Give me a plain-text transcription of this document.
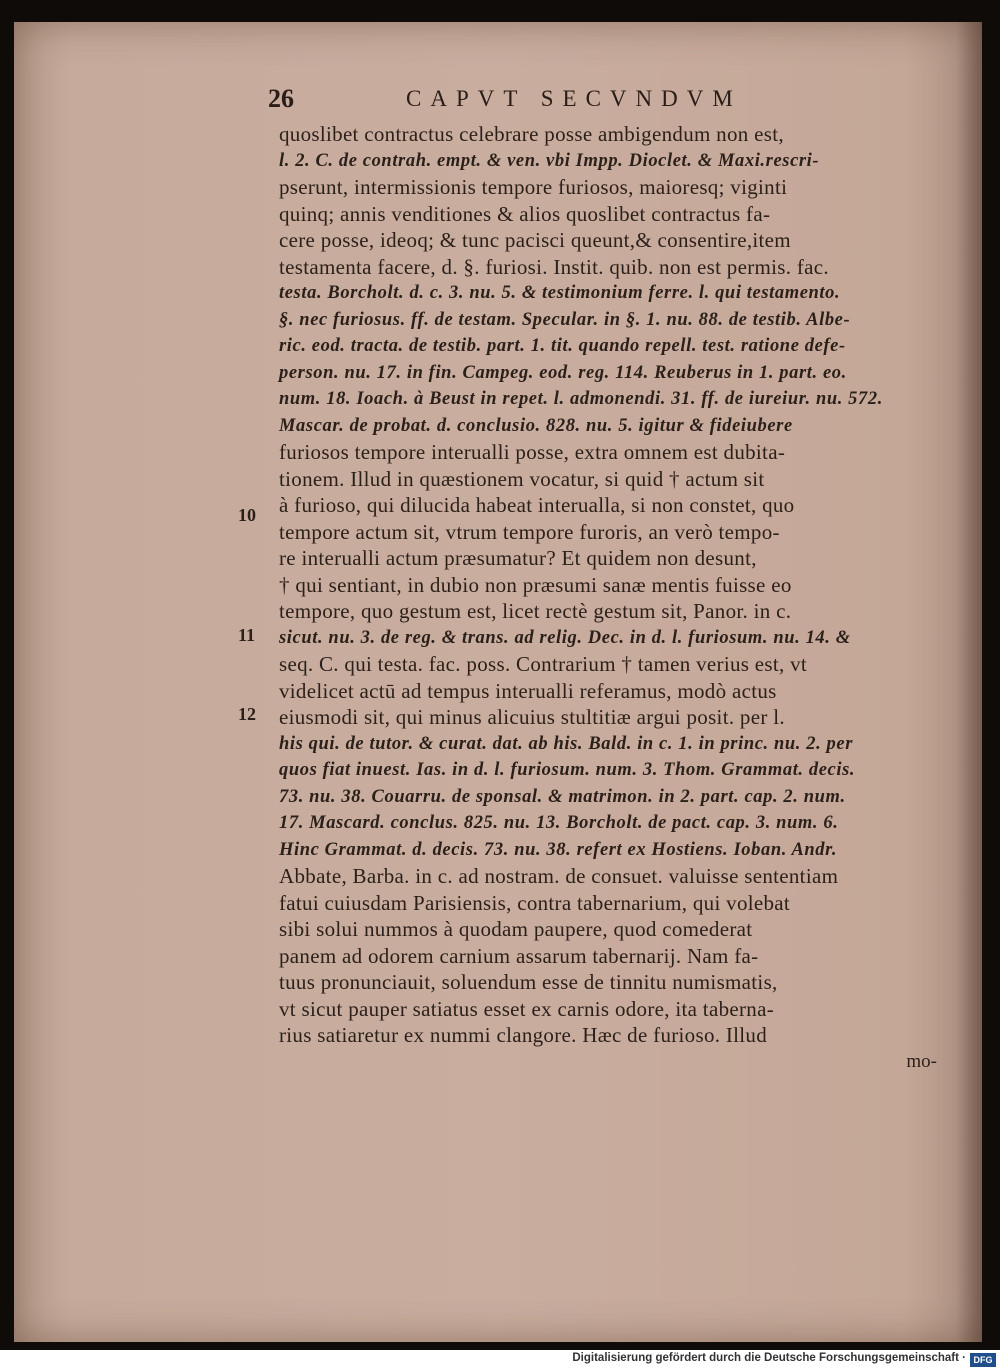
26	CAPVT SECVNDVM
10
11
12
quoslibet contractus celebrare posse ambigendum non est,
l. 2. C. de contrah. empt. & ven. vbi Impp. Dioclet. & Maxi.rescri-
pserunt, intermissionis tempore furiosos, maioresq; viginti
quinq; annis venditiones & alios quoslibet contractus fa-
cere posse, ideoq; & tunc pacisci queunt,& consentire,item
testamenta facere, d. §. furiosi. Instit. quib. non est permis. fac.
testa. Borcholt. d. c. 3. nu. 5. & testimonium ferre. l. qui testamento.
§. nec furiosus. ff. de testam. Specular. in §. 1. nu. 88. de testib. Albe-
ric. eod. tracta. de testib. part. 1. tit. quando repell. test. ratione defe-
person. nu. 17. in fin. Campeg. eod. reg. 114. Reuberus in 1. part. eo.
num. 18. Ioach. à Beust in repet. l. admonendi. 31. ff. de iureiur. nu. 572.
Mascar. de probat. d. conclusio. 828. nu. 5. igitur & fideiubere
furiosos tempore interualli posse, extra omnem est dubita-
tionem. Illud in quæstionem vocatur, si quid † actum sit
à furioso, qui dilucida habeat interualla, si non constet, quo
tempore actum sit, vtrum tempore furoris, an verò tempo-
re interualli actum præsumatur? Et quidem non desunt,
† qui sentiant, in dubio non præsumi sanæ mentis fuisse eo
tempore, quo gestum est, licet rectè gestum sit, Panor. in c.
sicut. nu. 3. de reg. & trans. ad relig. Dec. in d. l. furiosum. nu. 14. &
seq. C. qui testa. fac. poss. Contrarium † tamen verius est, vt
videlicet actū ad tempus interualli referamus, modò actus
eiusmodi sit, qui minus alicuius stultitiæ argui posit. per l.
his qui. de tutor. & curat. dat. ab his. Bald. in c. 1. in princ. nu. 2. per
quos fiat inuest. Ias. in d. l. furiosum. num. 3. Thom. Grammat. decis.
73. nu. 38. Couarru. de sponsal. & matrimon. in 2. part. cap. 2. num.
17. Mascard. conclus. 825. nu. 13. Borcholt. de pact. cap. 3. num. 6.
Hinc Grammat. d. decis. 73. nu. 38. refert ex Hostiens. Ioban. Andr.
Abbate, Barba. in c. ad nostram. de consuet. valuisse sententiam
fatui cuiusdam Parisiensis, contra tabernarium, qui volebat
sibi solui nummos à quodam paupere, quod comederat
panem ad odorem carnium assarum tabernarij. Nam fa-
tuus pronunciauit, soluendum esse de tinnitu numismatis,
vt sicut pauper satiatus esset ex carnis odore, ita taberna-
rius satiaretur ex nummi clangore. Hæc de furioso. Illud
mo-
Digitalisierung gefördert durch die Deutsche Forschungsgemeinschaft · DFG
